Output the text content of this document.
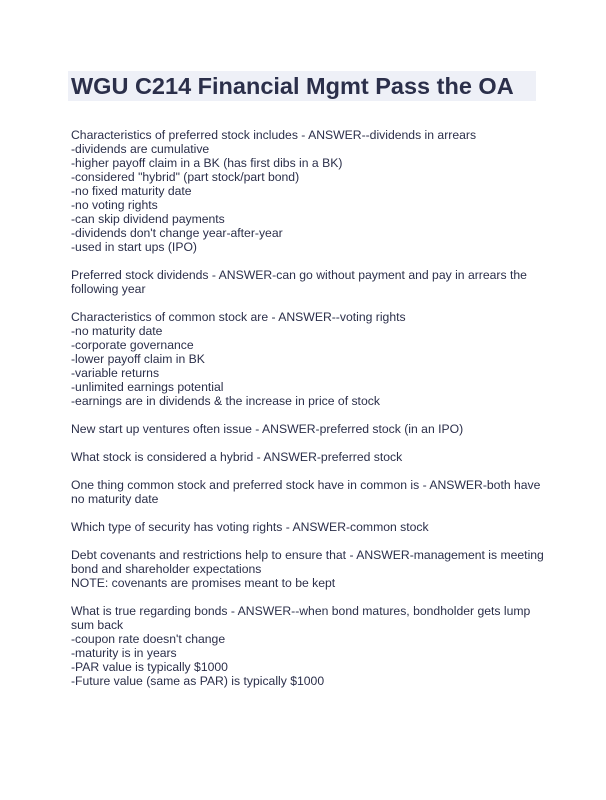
WGU C214 Financial Mgmt Pass the OA
Characteristics of preferred stock includes - ANSWER--dividends in arrears
-dividends are cumulative
-higher payoff claim in a BK (has first dibs in a BK)
-considered "hybrid" (part stock/part bond)
-no fixed maturity date
-no voting rights
-can skip dividend payments
-dividends don't change year-after-year
-used in start ups (IPO)
Preferred stock dividends - ANSWER-can go without payment and pay in arrears the
following year
Characteristics of common stock are - ANSWER--voting rights
-no maturity date
-corporate governance
-lower payoff claim in BK
-variable returns
-unlimited earnings potential
-earnings are in dividends & the increase in price of stock
New start up ventures often issue - ANSWER-preferred stock (in an IPO)
What stock is considered a hybrid - ANSWER-preferred stock
One thing common stock and preferred stock have in common is - ANSWER-both have
no maturity date
Which type of security has voting rights - ANSWER-common stock
Debt covenants and restrictions help to ensure that - ANSWER-management is meeting
bond and shareholder expectations
NOTE: covenants are promises meant to be kept
What is true regarding bonds - ANSWER--when bond matures, bondholder gets lump
sum back
-coupon rate doesn't change
-maturity is in years
-PAR value is typically $1000
-Future value (same as PAR) is typically $1000
